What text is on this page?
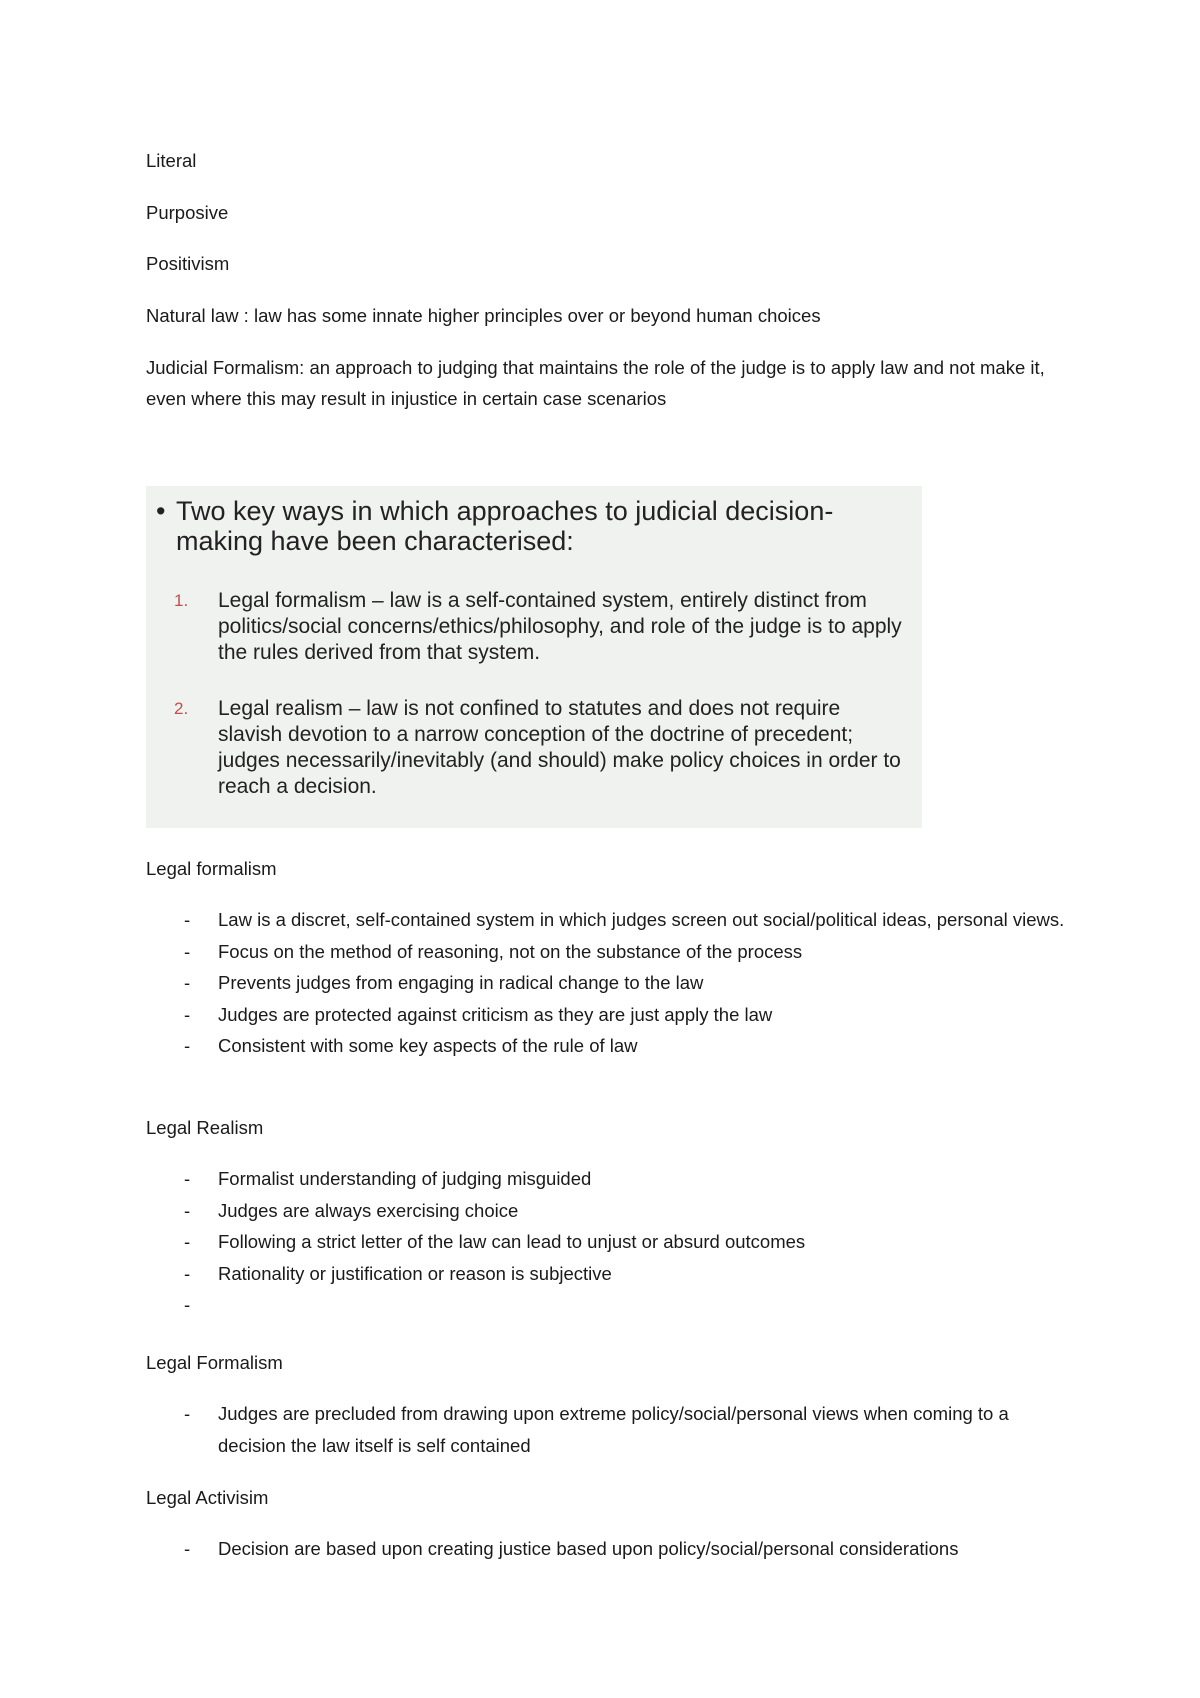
Literal

Purposive

Positivism

Natural law : law has some innate higher principles over or beyond human choices

Judicial Formalism: an approach to judging that maintains the role of the judge is to apply law and not make it, even where this may result in injustice in certain case scenarios

• Two key ways in which approaches to judicial decision-making have been characterised:
1.	Legal formalism – law is a self-contained system, entirely distinct from politics/social concerns/ethics/philosophy, and role of the judge is to apply the rules derived from that system.
2.	Legal realism – law is not confined to statutes and does not require slavish devotion to a narrow conception of the doctrine of precedent; judges necessarily/inevitably (and should) make policy choices in order to reach a decision.

Legal formalism

- Law is a discret, self-contained system in which judges screen out social/political ideas, personal views.
- Focus on the method of reasoning, not on the substance of the process
- Prevents judges from engaging in radical change to the law
- Judges are protected against criticism as they are just apply the law
- Consistent with some key aspects of the rule of law

Legal Realism

- Formalist understanding of judging misguided
- Judges are always exercising choice
- Following a strict letter of the law can lead to unjust or absurd outcomes
- Rationality or justification or reason is subjective
-

Legal Formalism

- Judges are precluded from drawing upon extreme policy/social/personal views when coming to a decision the law itself is self contained

Legal Activisim

- Decision are based upon creating justice based upon policy/social/personal considerations
